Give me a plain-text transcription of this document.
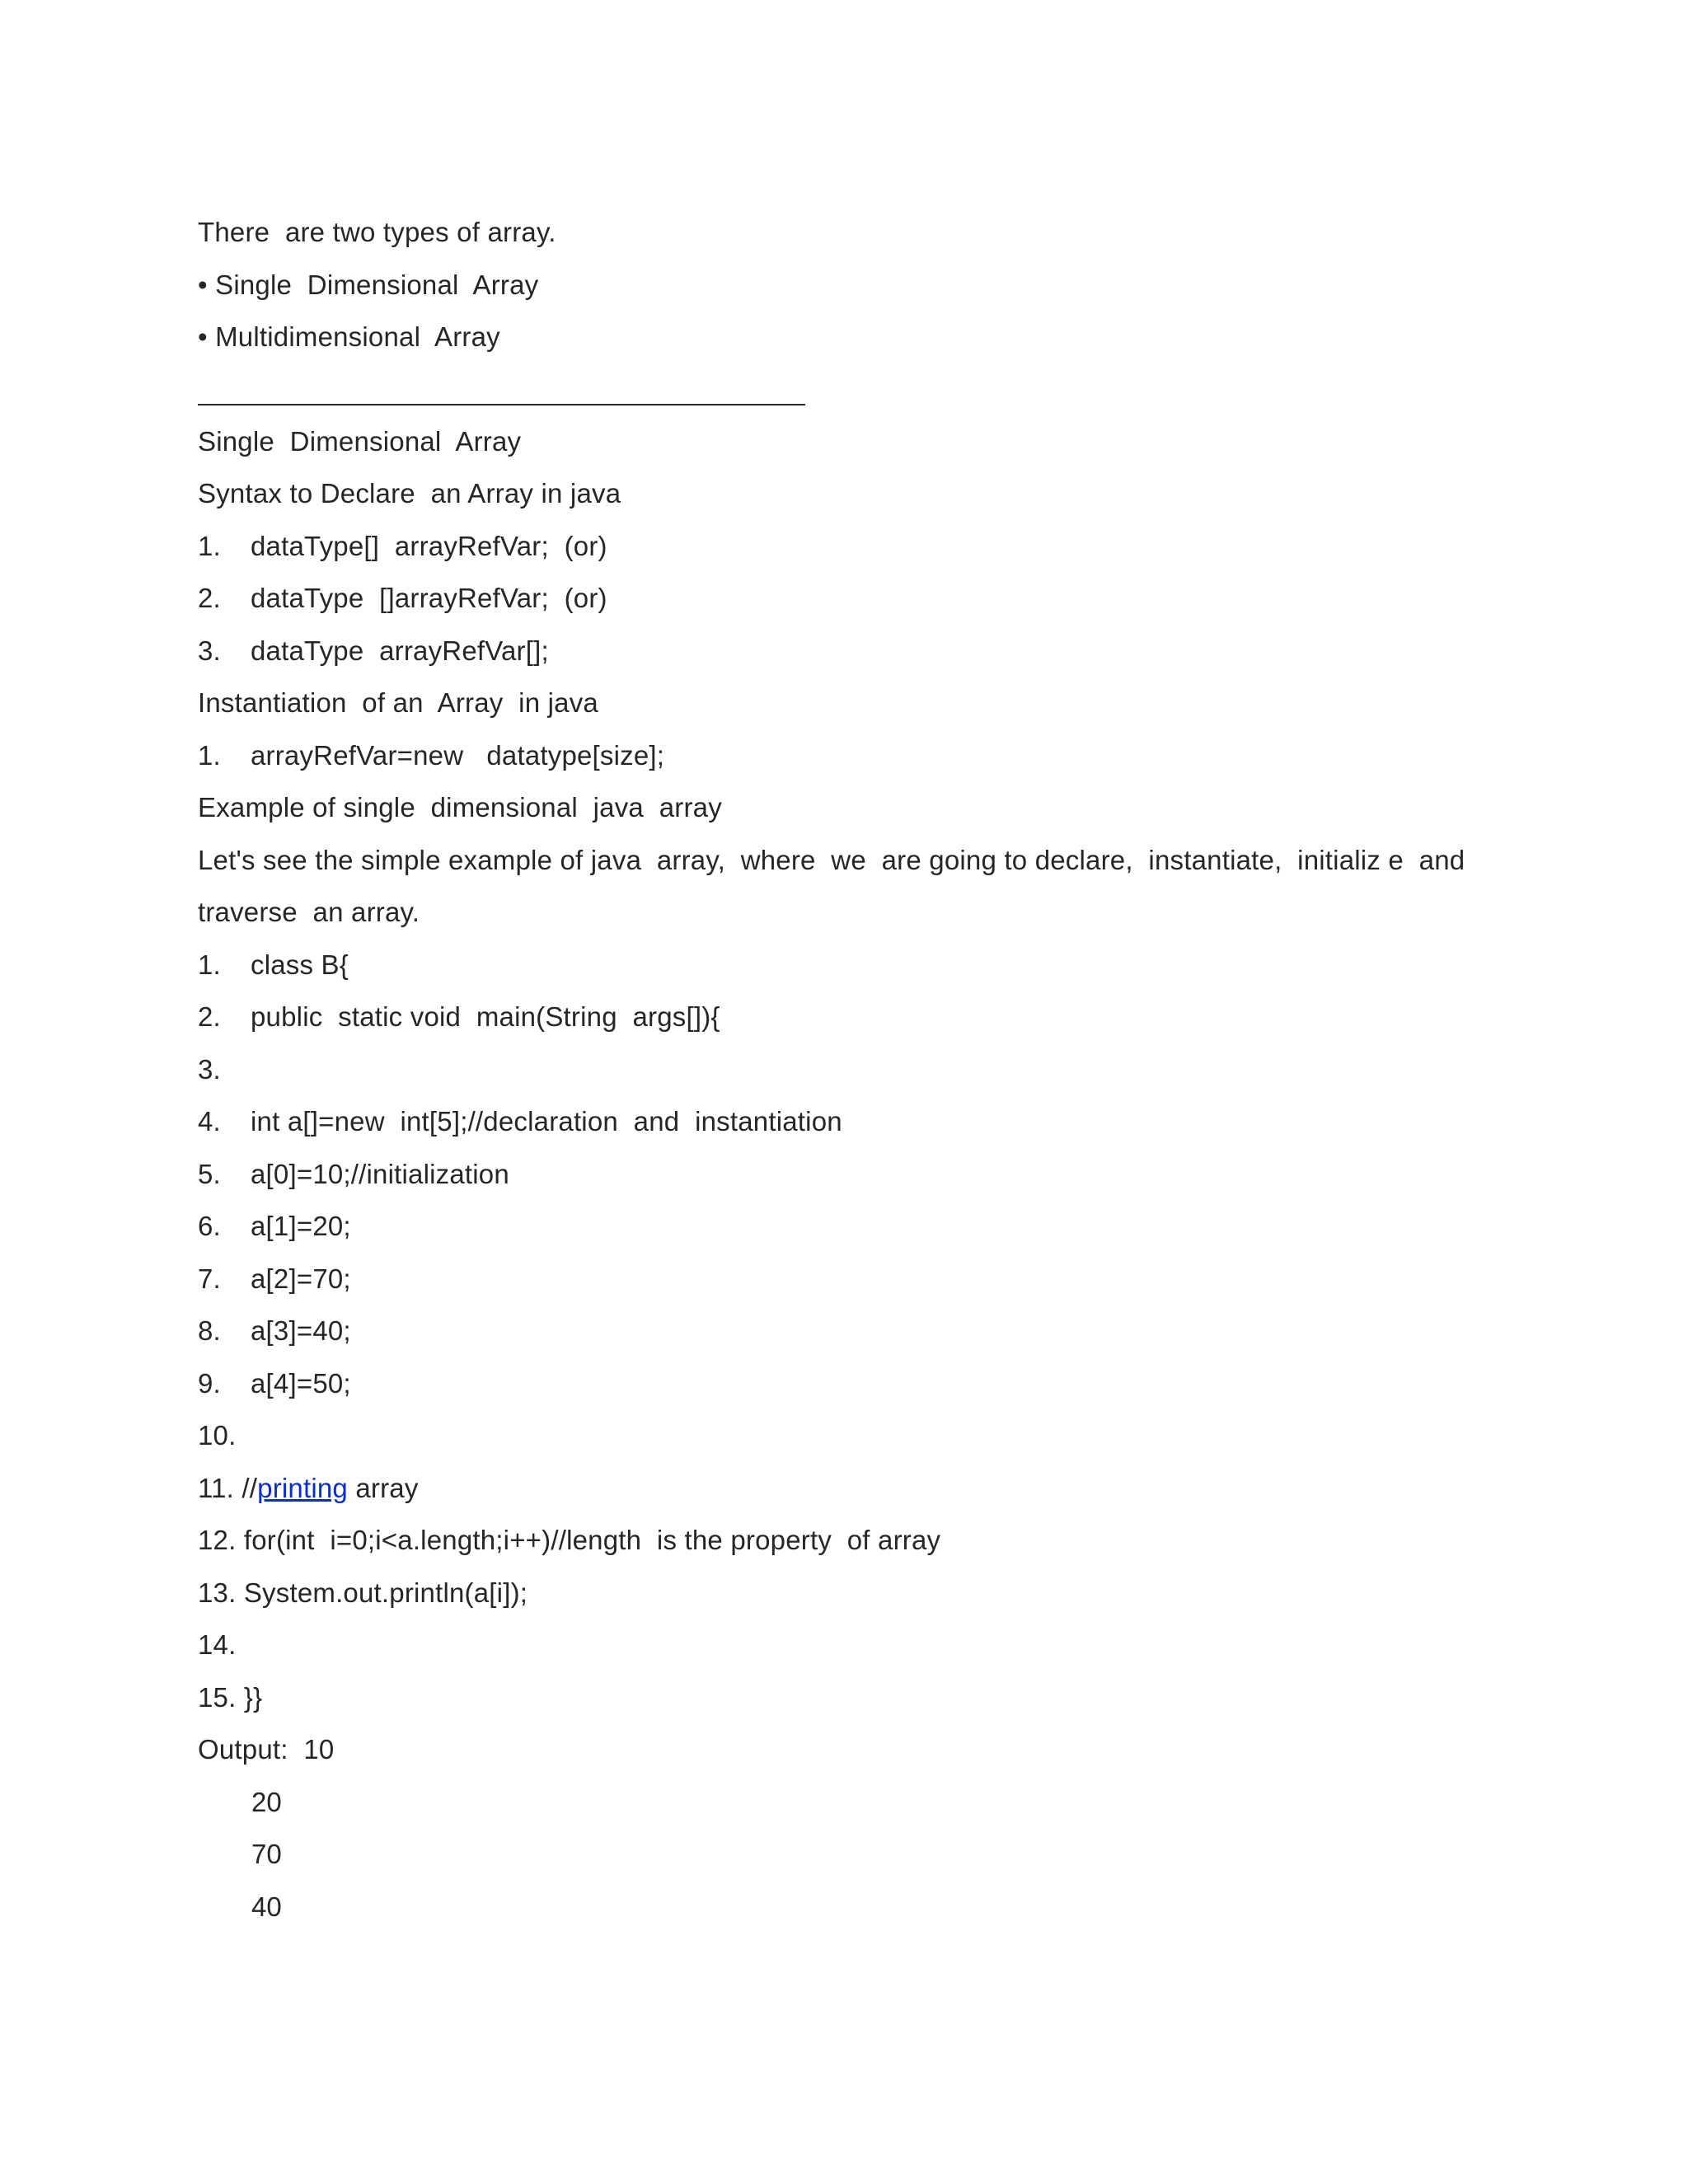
There  are two types of array.
• Single  Dimensional  Array
• Multidimensional  Array
Single  Dimensional  Array
Syntax to Declare  an Array in java
1. dataType[]  arrayRefVar;  (or)
2. dataType  []arrayRefVar;  (or)
3. dataType  arrayRefVar[];
Instantiation  of an  Array  in java
1. arrayRefVar=new   datatype[size];
Example of single  dimensional  java  array
Let's see the simple example of java  array,  where  we  are going to declare,  instantiate,  initializ e  and
traverse  an array.
1. class B{
2. public  static void  main(String  args[]){
3.
4. int a[]=new  int[5];//declaration  and  instantiation
5. a[0]=10;//initialization
6. a[1]=20;
7. a[2]=70;
8. a[3]=40;
9. a[4]=50;
10.
11. //printing array
12. for(int  i=0;i<a.length;i++)//length  is the property  of array
13. System.out.println(a[i]);
14.
15. }}
Output:  10
20
70
40
